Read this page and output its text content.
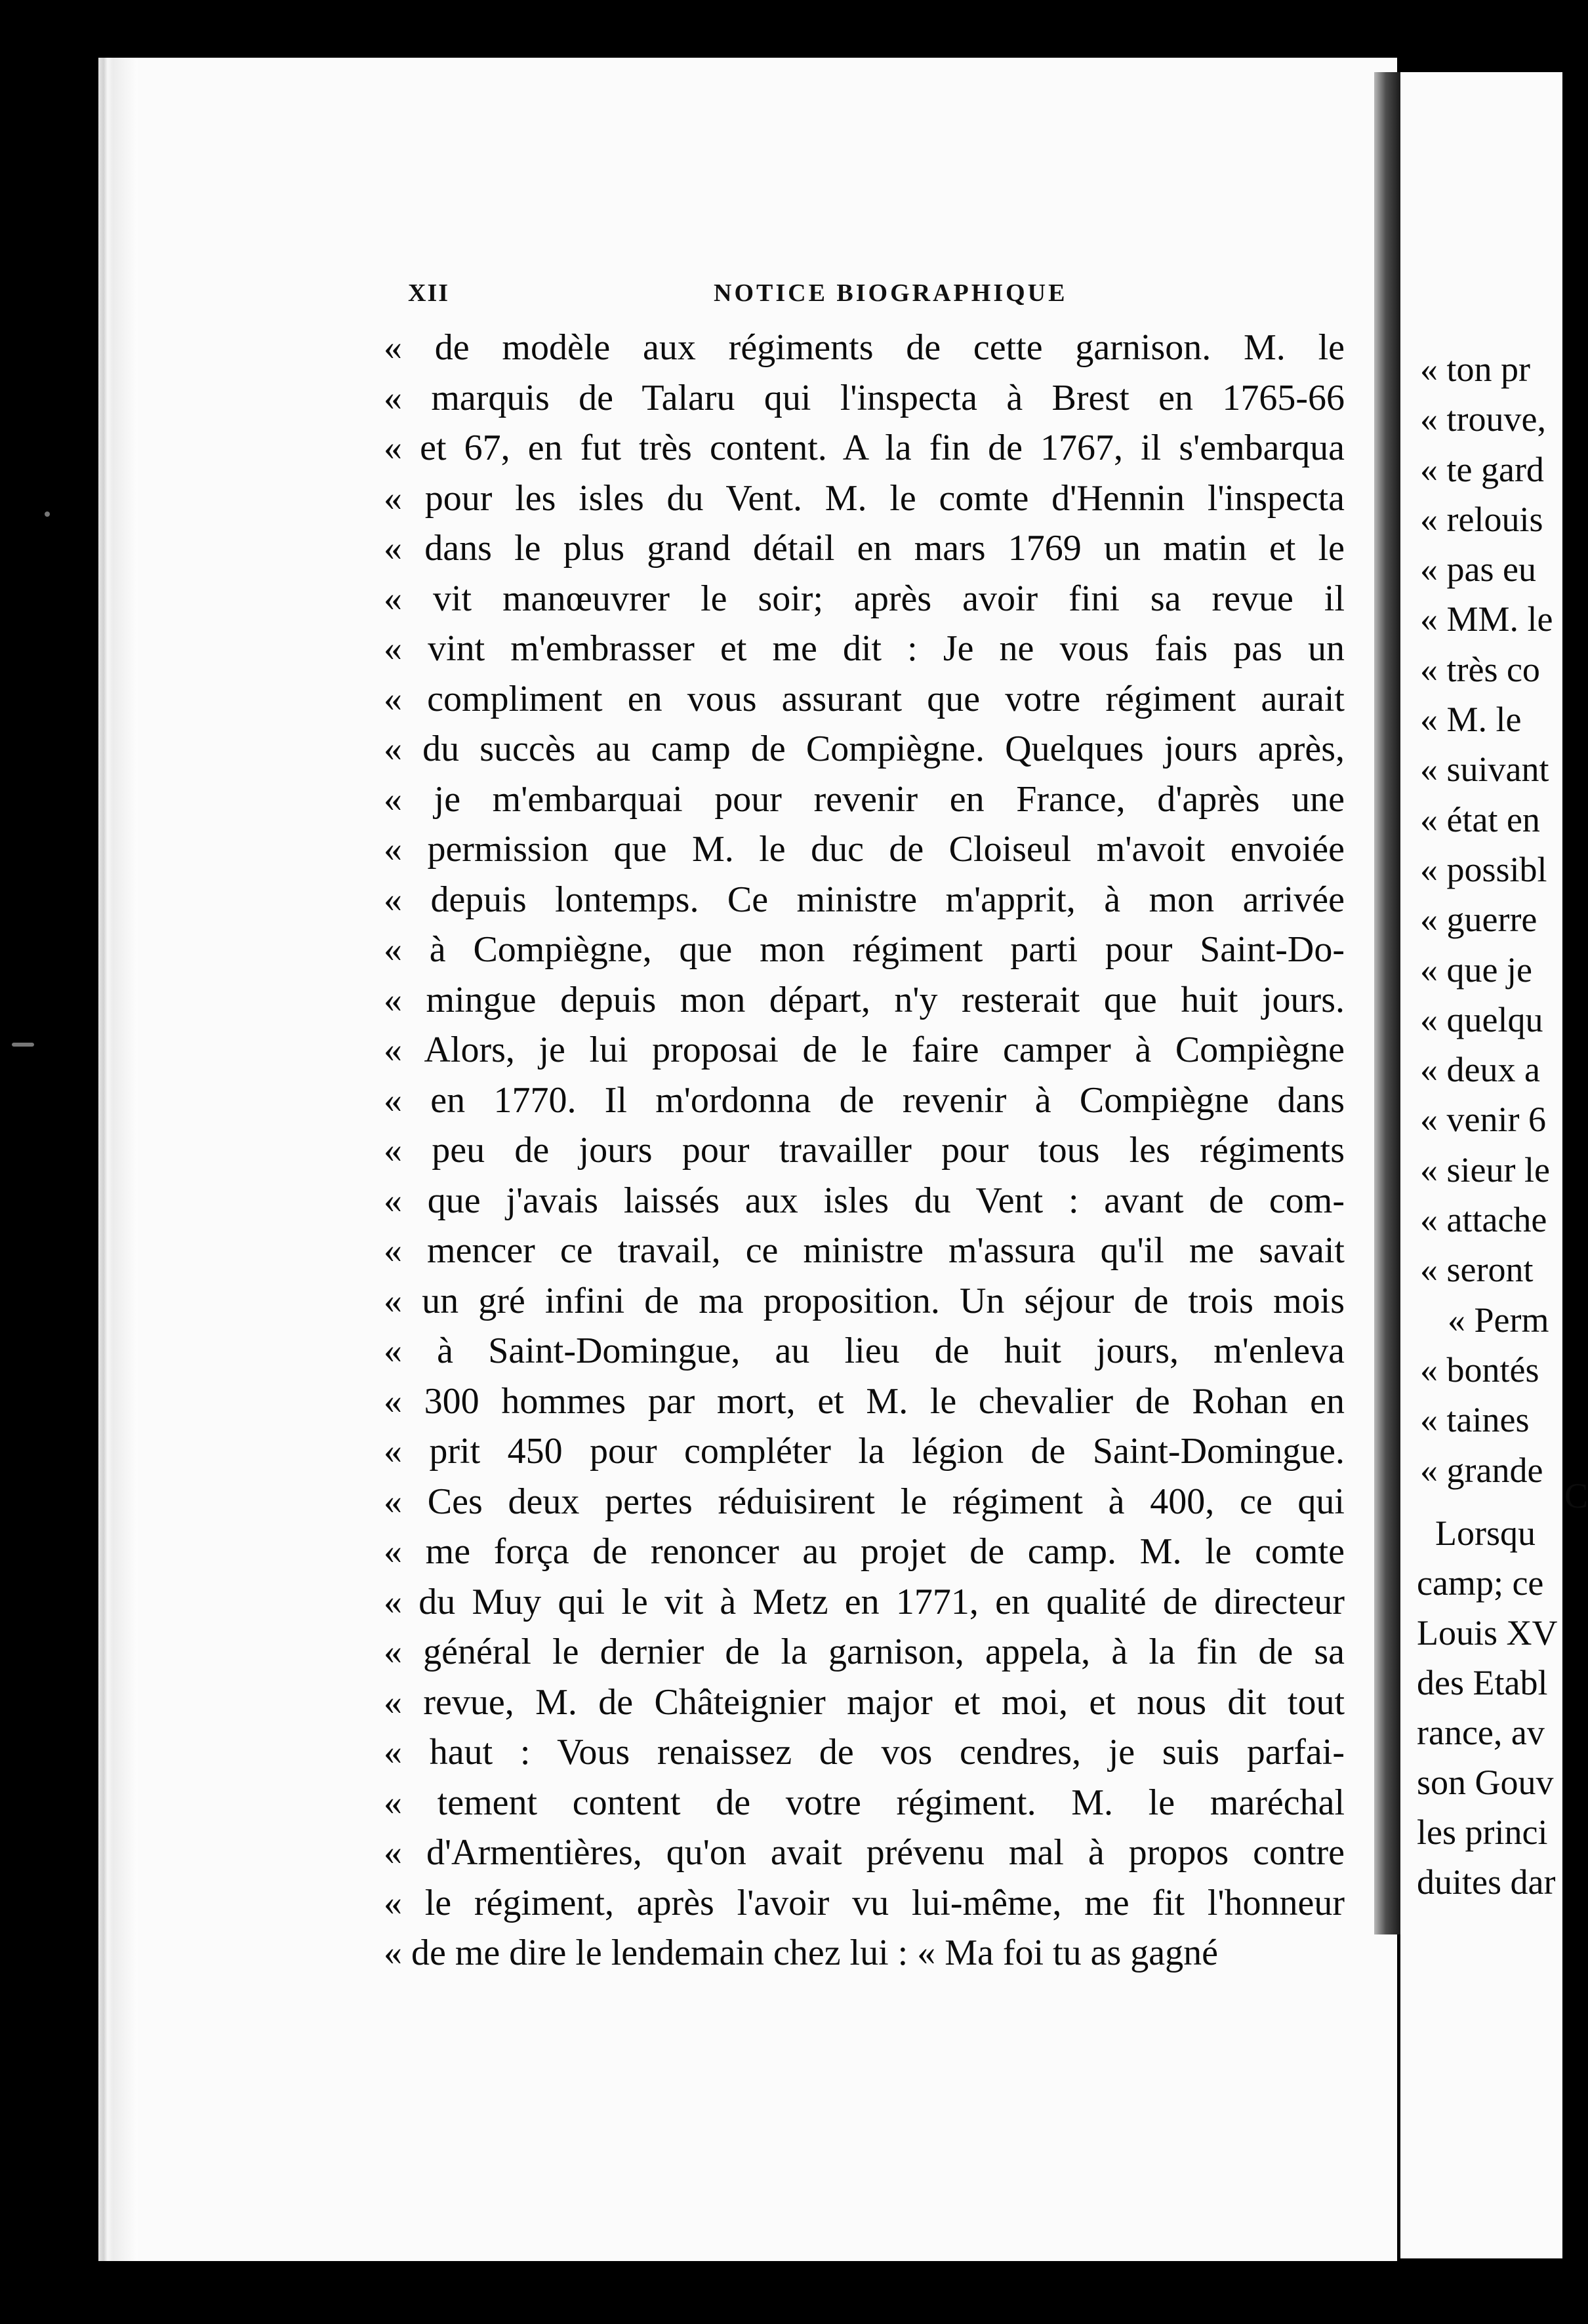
XII	NOTICE BIOGRAPHIQUE
« de modèle aux régiments de cette garnison. M. le
« marquis de Talaru qui l'inspecta à Brest en 1765-66
« et 67, en fut très content. A la fin de 1767, il s'embarqua
« pour les isles du Vent. M. le comte d'Hennin l'inspecta
« dans le plus grand détail en mars 1769 un matin et le
« vit manœuvrer le soir; après avoir fini sa revue il
« vint m'embrasser et me dit : Je ne vous fais pas un
« compliment en vous assurant que votre régiment aurait
« du succès au camp de Compiègne. Quelques jours après,
« je m'embarquai pour revenir en France, d'après une
« permission que M. le duc de Cloiseul m'avoit envoiée
« depuis lontemps. Ce ministre m'apprit, à mon arrivée
« à Compiègne, que mon régiment parti pour Saint-Do-
« mingue depuis mon départ, n'y resterait que huit jours.
« Alors, je lui proposai de le faire camper à Compiègne
« en 1770. Il m'ordonna de revenir à Compiègne dans
« peu de jours pour travailler pour tous les régiments
« que j'avais laissés aux isles du Vent : avant de com-
« mencer ce travail, ce ministre m'assura qu'il me savait
« un gré infini de ma proposition. Un séjour de trois mois
« à Saint-Domingue, au lieu de huit jours, m'enleva
« 300 hommes par mort, et M. le chevalier de Rohan en
« prit 450 pour compléter la légion de Saint-Domingue.
« Ces deux pertes réduisirent le régiment à 400, ce qui
« me força de renoncer au projet de camp. M. le comte
« du Muy qui le vit à Metz en 1771, en qualité de directeur
« général le dernier de la garnison, appela, à la fin de sa
« revue, M. de Châteignier major et moi, et nous dit tout
« haut : Vous renaissez de vos cendres, je suis parfai-
« tement content de votre régiment. M. le maréchal
« d'Armentières, qu'on avait prévenu mal à propos contre
« le régiment, après l'avoir vu lui-même, me fit l'honneur
« de me dire le lendemain chez lui : « Ma foi tu as gagné
« ton pr
« trouve,
« te gard
« relouis
« pas eu
« MM. le
« très co
« M. le
« suivant
« état en
« possibl
« guerre
« que je
« quelqu
« deux a
« venir 6
« sieur le
« attache
« seront
« Perm
« bontés
« taines
« grande
C
Lorsqu
camp; ce
Louis XV
des Etabl
rance, av
son Gouv
les princi
duites dar
